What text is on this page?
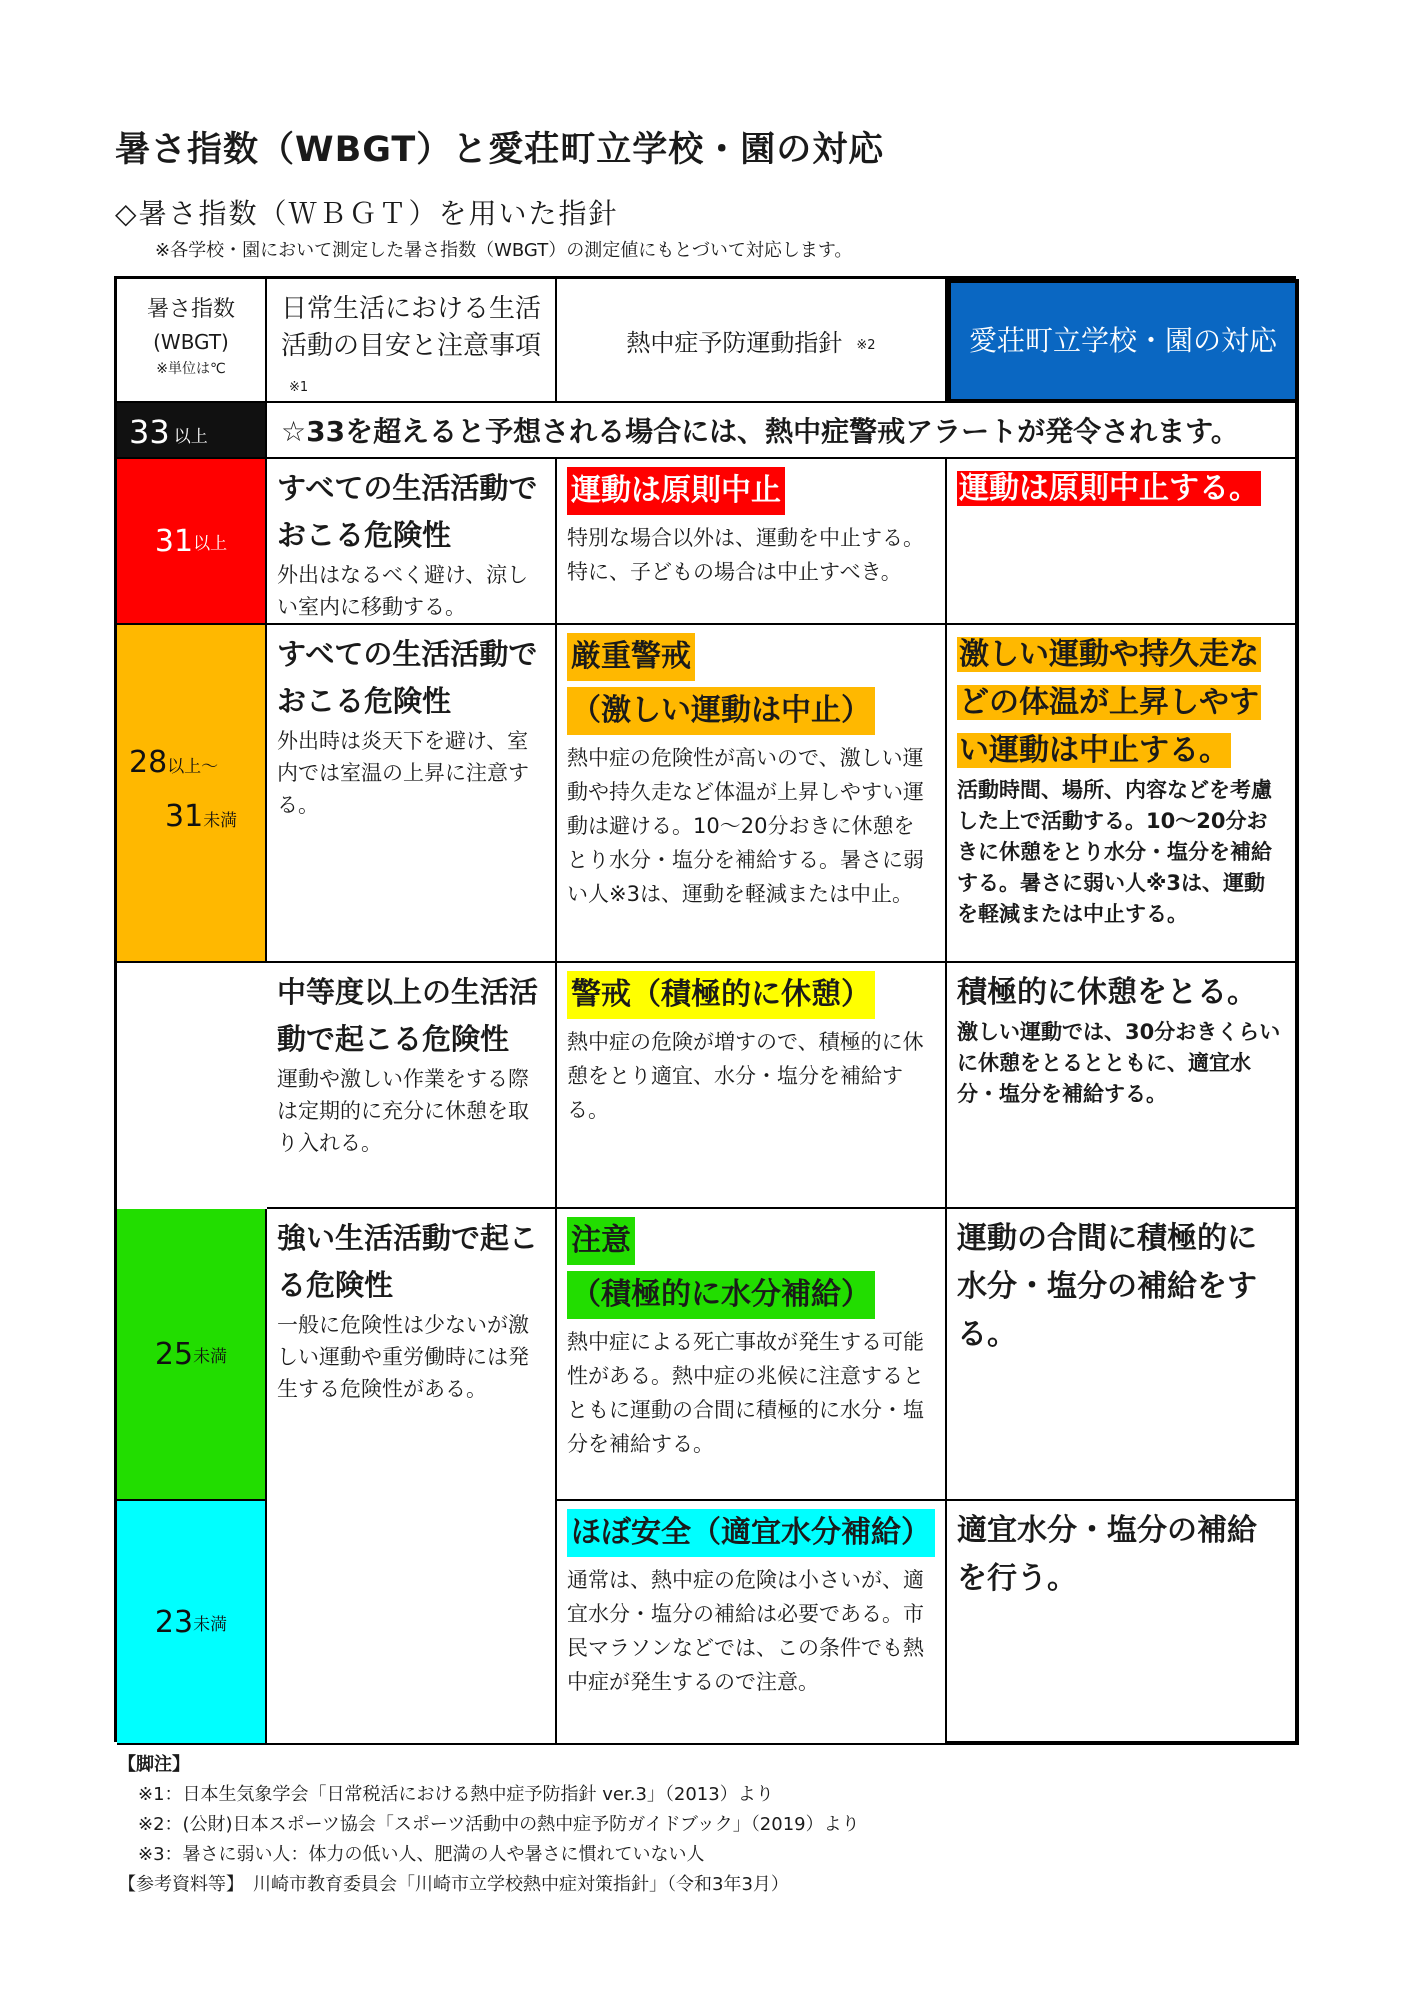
暑さ指数（WBGT）と愛荘町立学校・園の対応
◇暑さ指数（ＷＢＧＴ）を用いた指針
※各学校・園において測定した暑さ指数（WBGT）の測定値にもとづいて対応します。
暑さ指数
(WBGT)
※単位は℃
日常生活における生活活動の目安と注意事項※1
熱中症予防運動指針 ※2	愛荘町立学校・園の対応
33 以上	☆33を超えると予想される場合には、熱中症警戒アラートが発令されます。
31 以上
すべての生活活動でおこる危険性
外出はなるべく避け、涼しい室内に移動する。
運動は原則中止
特別な場合以外は、運動を中止する。特に、子どもの場合は中止すべき。
運動は原則中止する。
28以上～
31未満
すべての生活活動でおこる危険性
外出時は炎天下を避け、室内では室温の上昇に注意する。
厳重警戒
（激しい運動は中止）
熱中症の危険性が高いので、激しい運動や持久走など体温が上昇しやすい運動は避ける。10～20分おきに休憩をとり水分・塩分を補給する。暑さに弱い人※3は、運動を軽減または中止。
激しい運動や持久走などの体温が上昇しやすい運動は中止する。
活動時間、場所、内容などを考慮した上で活動する。10～20分おきに休憩をとり水分・塩分を補給する。暑さに弱い人※3は、運動を軽減または中止する。
中等度以上の生活活動で起こる危険性
運動や激しい作業をする際は定期的に充分に休憩を取り入れる。
警戒（積極的に休憩）
熱中症の危険が増すので、積極的に休憩をとり適宜、水分・塩分を補給する。
積極的に休憩をとる。
激しい運動では、30分おきくらいに休憩をとるとともに、適宜水分・塩分を補給する。
25 未満
強い生活活動で起こる危険性
一般に危険性は少ないが激しい運動や重労働時には発生する危険性がある。
注意
（積極的に水分補給）
熱中症による死亡事故が発生する可能性がある。熱中症の兆候に注意するとともに運動の合間に積極的に水分・塩分を補給する。
運動の合間に積極的に水分・塩分の補給をする。
23 未満
ほぼ安全（適宜水分補給）
通常は、熱中症の危険は小さいが、適宜水分・塩分の補給は必要である。市民マラソンなどでは、この条件でも熱中症が発生するので注意。
適宜水分・塩分の補給を行う。
【脚注】
※1：日本生気象学会「日常税活における熱中症予防指針 ver.3」（2013）より
※2：(公財)日本スポーツ協会「スポーツ活動中の熱中症予防ガイドブック」（2019）より
※3：暑さに弱い人：体力の低い人、肥満の人や暑さに慣れていない人
【参考資料等】　川崎市教育委員会「川崎市立学校熱中症対策指針」（令和3年3月）
